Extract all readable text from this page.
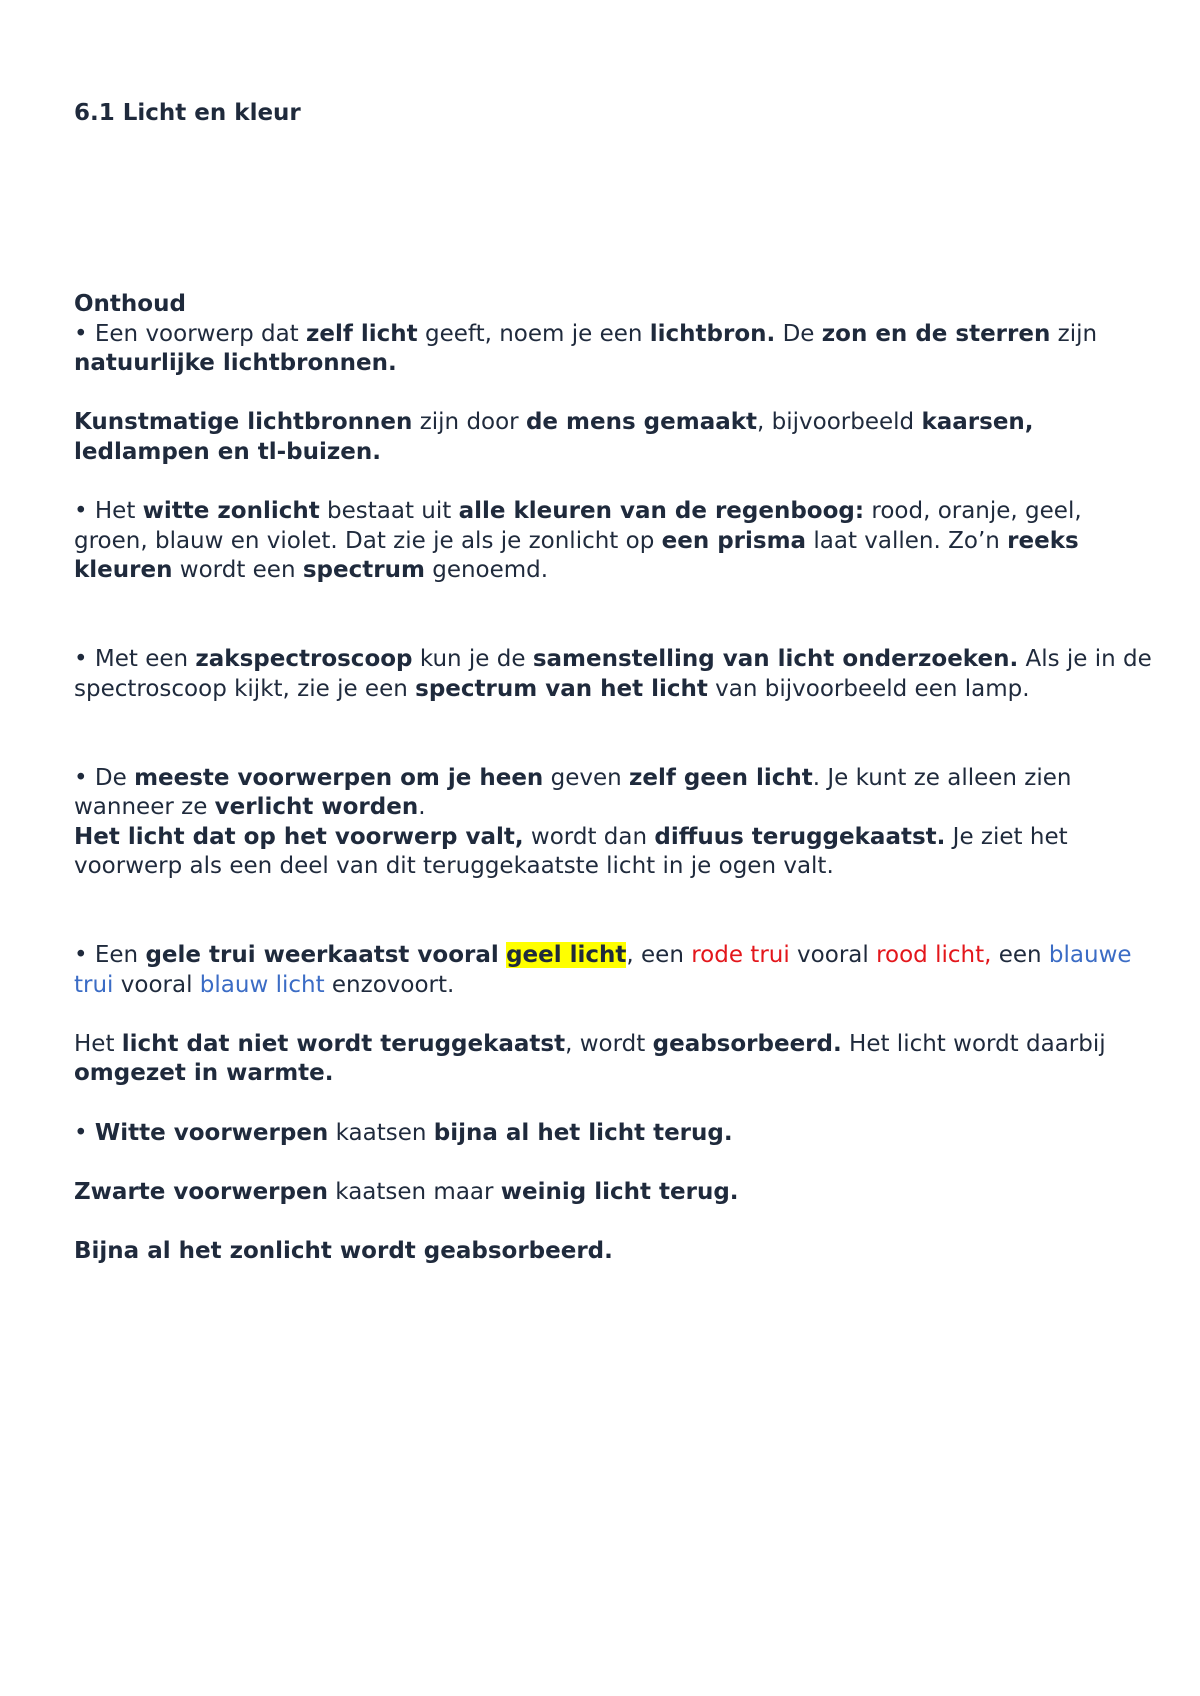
6.1 Licht en kleur

Onthoud

• Een voorwerp dat zelf licht geeft, noem je een lichtbron. De zon en de sterren zijn natuurlijke lichtbronnen.

Kunstmatige lichtbronnen zijn door de mens gemaakt, bijvoorbeeld kaarsen, ledlampen en tl-buizen.

• Het witte zonlicht bestaat uit alle kleuren van de regenboog: rood, oranje, geel, groen, blauw en violet. Dat zie je als je zonlicht op een prisma laat vallen. Zo’n reeks kleuren wordt een spectrum genoemd.

• Met een zakspectroscoop kun je de samenstelling van licht onderzoeken. Als je in de spectroscoop kijkt, zie je een spectrum van het licht van bijvoorbeeld een lamp.

• De meeste voorwerpen om je heen geven zelf geen licht. Je kunt ze alleen zien wanneer ze verlicht worden.

Het licht dat op het voorwerp valt, wordt dan diffuus teruggekaatst. Je ziet het voorwerp als een deel van dit teruggekaatste licht in je ogen valt.

• Een gele trui weerkaatst vooral geel licht, een rode trui vooral rood licht, een blauwe trui vooral blauw licht enzovoort.

Het licht dat niet wordt teruggekaatst, wordt geabsorbeerd. Het licht wordt daarbij omgezet in warmte.

• Witte voorwerpen kaatsen bijna al het licht terug.

Zwarte voorwerpen kaatsen maar weinig licht terug.

Bijna al het zonlicht wordt geabsorbeerd.
